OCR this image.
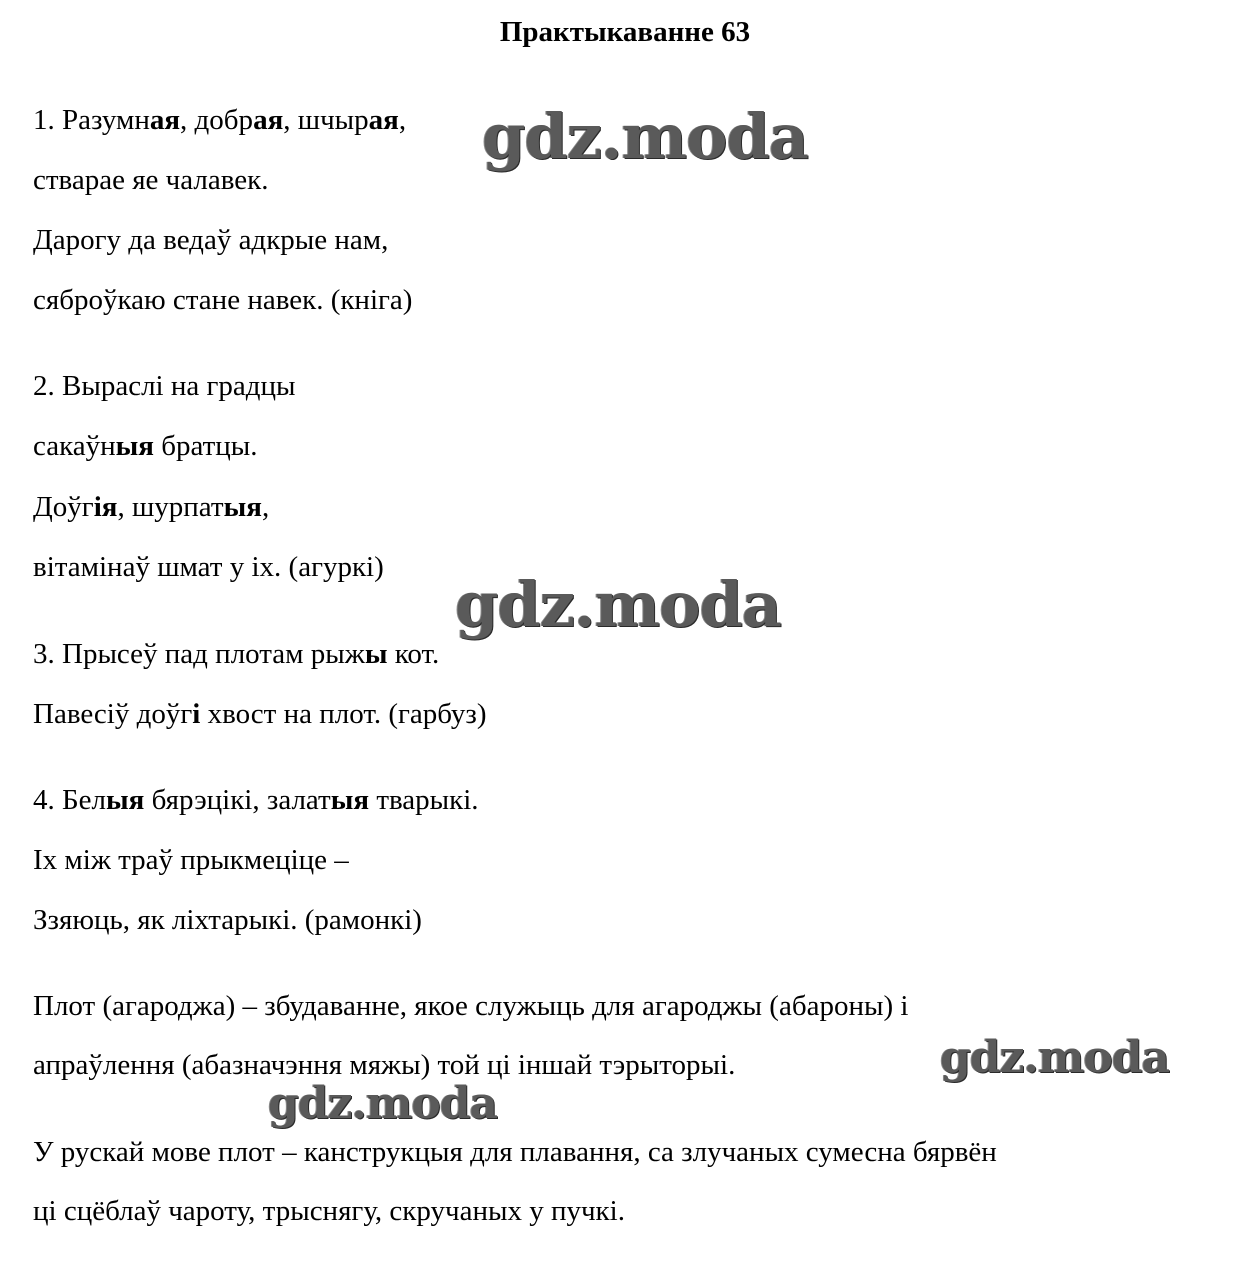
Практыкаванне 63
1. Разумная, добрая, шчырая,
ствараe яе чалавек.
Дарогу да ведаў адкрые нам,
сяброўкаю стане навек. (кніга)
2. Выраслі на градцы
сакаўныя братцы.
Доўгія, шурпатыя,
вітамінаў шмат у іх. (агуркі)
3. Прысеў пад плотам рыжы кот.
Павесіў доўгі хвост на плот. (гарбуз)
4. Белыя бярэцікі, залатыя тварыкі.
Іх між траў прыкмеціце –
Ззяюць, як ліхтарыкі. (рамонкі)
Плот (агароджа) – збудаванне, якое служыць для агароджы (абароны) і
апраўлення (абазначэння мяжы) той ці іншай тэрыторыі.
У рускай мове плот – канструкцыя для плавання, са злучаных сумесна бярвён
ці сцёблаў чароту, трыснягу, скручаных у пучкі.
gdz.moda
gdz.moda
gdz.moda
gdz.moda
